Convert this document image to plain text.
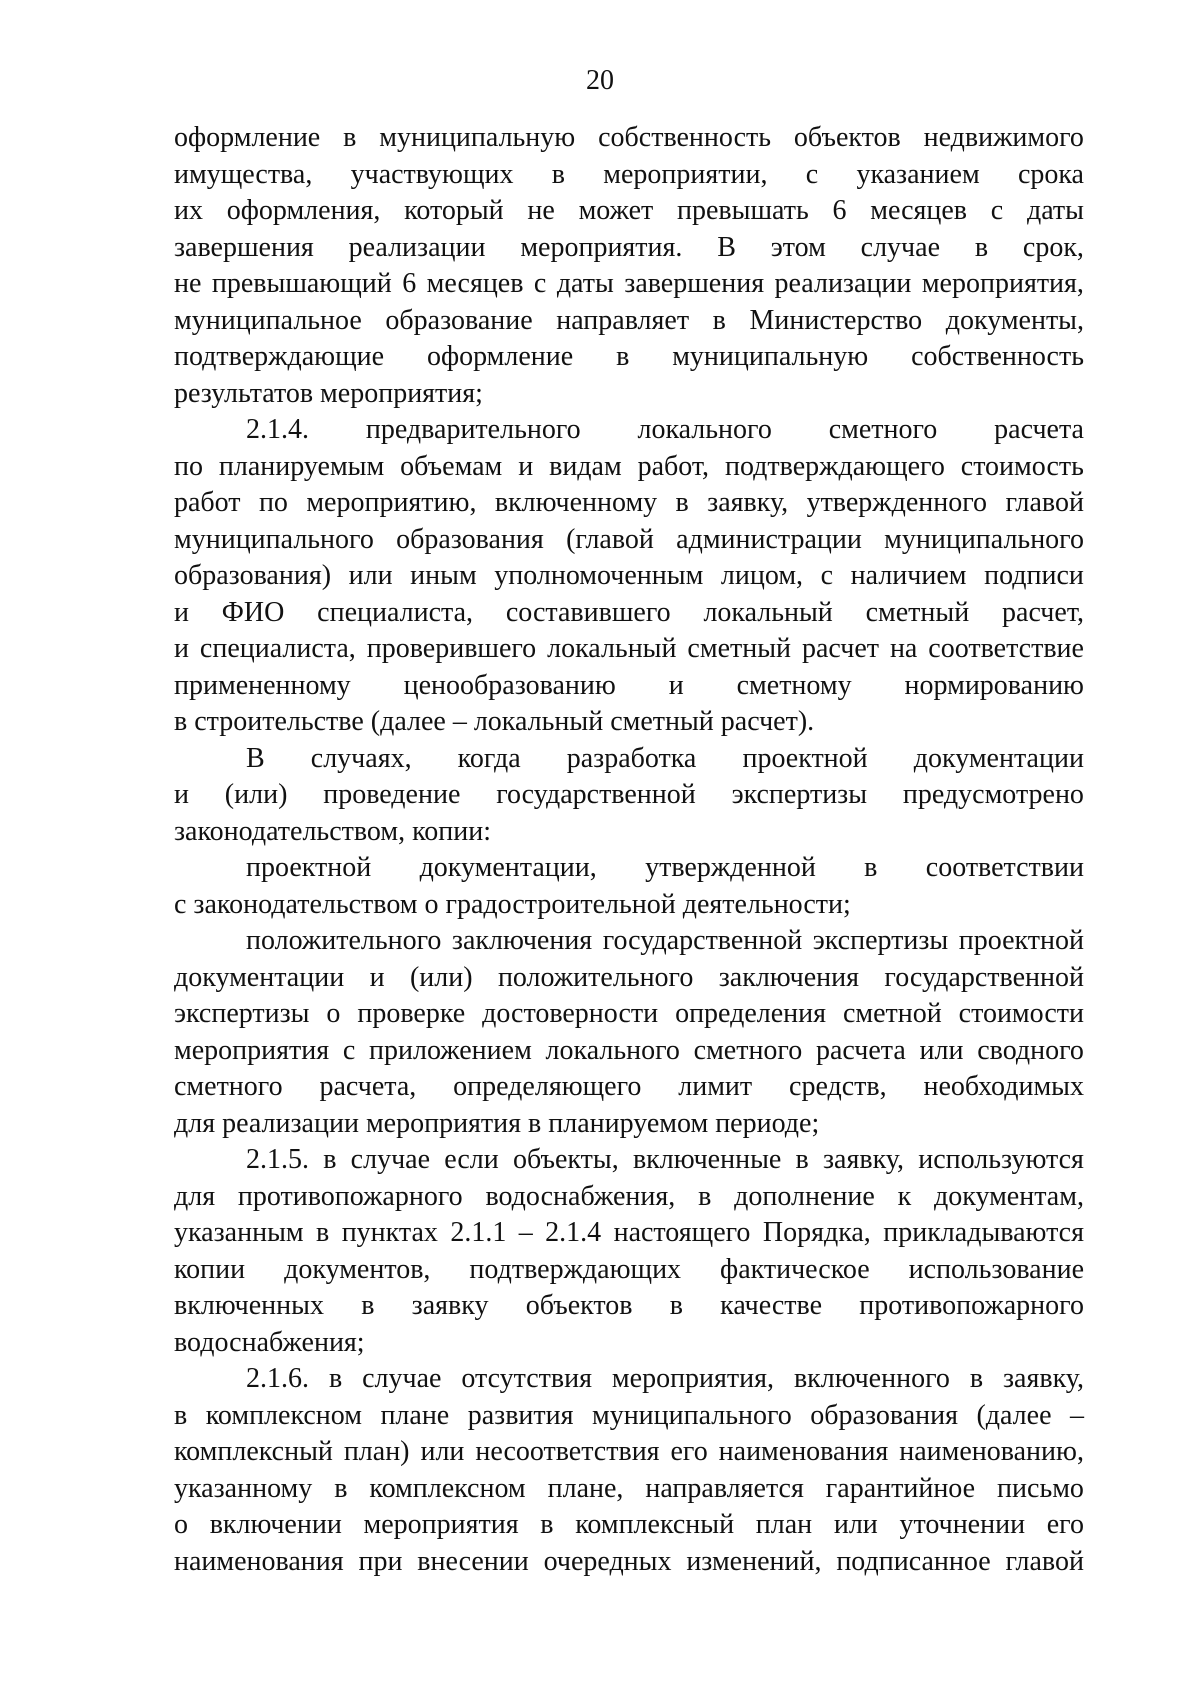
20
оформление в муниципальную собственность объектов недвижимого
имущества, участвующих в мероприятии, с указанием срока
их оформления, который не может превышать 6 месяцев с даты
завершения реализации мероприятия. В этом случае в срок,
не превышающий 6 месяцев с даты завершения реализации мероприятия,
муниципальное образование направляет в Министерство документы,
подтверждающие оформление в муниципальную собственность
результатов мероприятия;
2.1.4. предварительного локального сметного расчета
по планируемым объемам и видам работ, подтверждающего стоимость
работ по мероприятию, включенному в заявку, утвержденного главой
муниципального образования (главой администрации муниципального
образования) или иным уполномоченным лицом, с наличием подписи
и ФИО специалиста, составившего локальный сметный расчет,
и специалиста, проверившего локальный сметный расчет на соответствие
примененному ценообразованию и сметному нормированию
в строительстве (далее – локальный сметный расчет).
В случаях, когда разработка проектной документации
и (или) проведение государственной экспертизы предусмотрено
законодательством, копии:
проектной документации, утвержденной в соответствии
с законодательством о градостроительной деятельности;
положительного заключения государственной экспертизы проектной
документации и (или) положительного заключения государственной
экспертизы о проверке достоверности определения сметной стоимости
мероприятия с приложением локального сметного расчета или сводного
сметного расчета, определяющего лимит средств, необходимых
для реализации мероприятия в планируемом периоде;
2.1.5. в случае если объекты, включенные в заявку, используются
для противопожарного водоснабжения, в дополнение к документам,
указанным в пунктах 2.1.1 – 2.1.4 настоящего Порядка, прикладываются
копии документов, подтверждающих фактическое использование
включенных в заявку объектов в качестве противопожарного
водоснабжения;
2.1.6. в случае отсутствия мероприятия, включенного в заявку,
в комплексном плане развития муниципального образования (далее –
комплексный план) или несоответствия его наименования наименованию,
указанному в комплексном плане, направляется гарантийное письмо
о включении мероприятия в комплексный план или уточнении его
наименования при внесении очередных изменений, подписанное главой
